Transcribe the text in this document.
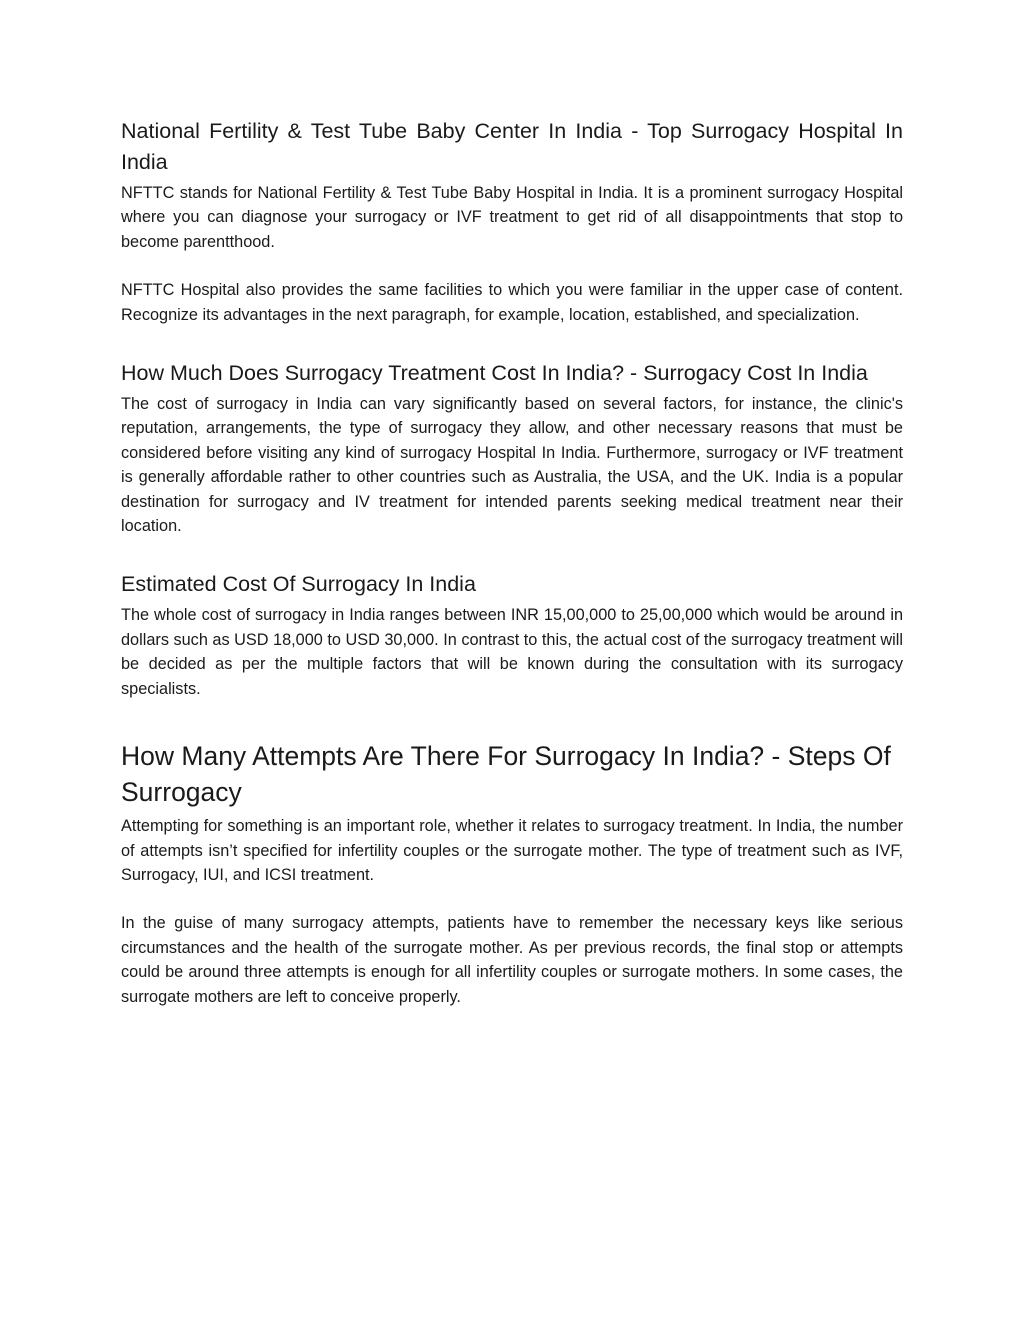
National Fertility & Test Tube Baby Center In India - Top Surrogacy Hospital In India

NFTTC stands for National Fertility & Test Tube Baby Hospital in India. It is a prominent surrogacy Hospital where you can diagnose your surrogacy or IVF treatment to get rid of all disappointments that stop to become parentthood.

NFTTC Hospital also provides the same facilities to which you were familiar in the upper case of content. Recognize its advantages in the next paragraph, for example, location, established, and specialization.

How Much Does Surrogacy Treatment Cost In India? - Surrogacy Cost In India

The cost of surrogacy in India can vary significantly based on several factors, for instance, the clinic's reputation, arrangements, the type of surrogacy they allow, and other necessary reasons that must be considered before visiting any kind of surrogacy Hospital In India. Furthermore, surrogacy or IVF treatment is generally affordable rather to other countries such as Australia, the USA, and the UK. India is a popular destination for surrogacy and IV treatment for intended parents seeking medical treatment near their location.

Estimated Cost Of Surrogacy In India

The whole cost of surrogacy in India ranges between INR 15,00,000 to 25,00,000 which would be around in dollars such as USD 18,000 to USD 30,000. In contrast to this, the actual cost of the surrogacy treatment will be decided as per the multiple factors that will be known during the consultation with its surrogacy specialists.

How Many Attempts Are There For Surrogacy In India? - Steps Of Surrogacy

Attempting for something is an important role, whether it relates to surrogacy treatment. In India, the number of attempts isn’t specified for infertility couples or the surrogate mother. The type of treatment such as IVF, Surrogacy, IUI, and ICSI treatment.

In the guise of many surrogacy attempts, patients have to remember the necessary keys like serious circumstances and the health of the surrogate mother. As per previous records, the final stop or attempts could be around three attempts is enough for all infertility couples or surrogate mothers. In some cases, the surrogate mothers are left to conceive properly.
